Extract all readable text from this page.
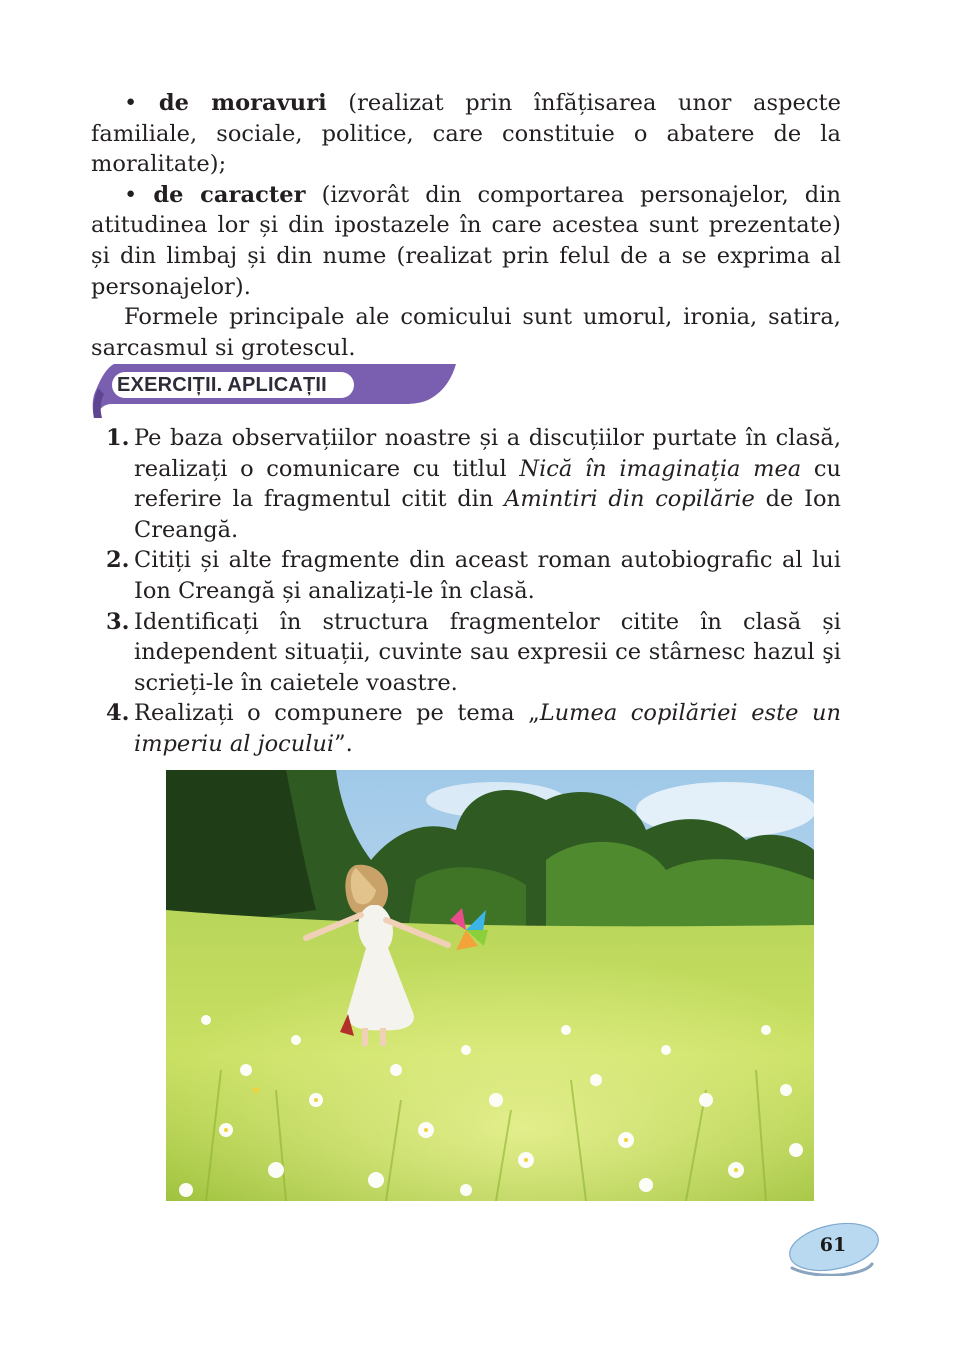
• de moravuri (realizat prin înfățisarea unor aspecte familiale, sociale, politice, care constituie o abatere de la moralitate);

• de caracter (izvorât din comportarea personajelor, din atitudinea lor și din ipostazele în care acestea sunt prezentate) și din limbaj și din nume (realizat prin felul de a se exprima al personajelor).

Formele principale ale comicului sunt umorul, ironia, satira, sarcasmul si grotescul.

EXERCIȚII. APLICAȚII
1. Pe baza observațiilor noastre și a discuțiilor purtate în clasă, realizați o comunicare cu titlul Nică în imaginația mea cu referire la fragmentul citit din Amintiri din copilărie de Ion Creangă.
2. Citiți și alte fragmente din aceast roman autobiografic al lui Ion Creangă și analizați-le în clasă.
3. Identificați în structura fragmentelor citite în clasă și independent situații, cuvinte sau expresii ce stârnesc hazul şi scrieți-le în caietele voastre.
4. Realizați o compunere pe tema „Lumea copilăriei este un imperiu al jocului”.
61
